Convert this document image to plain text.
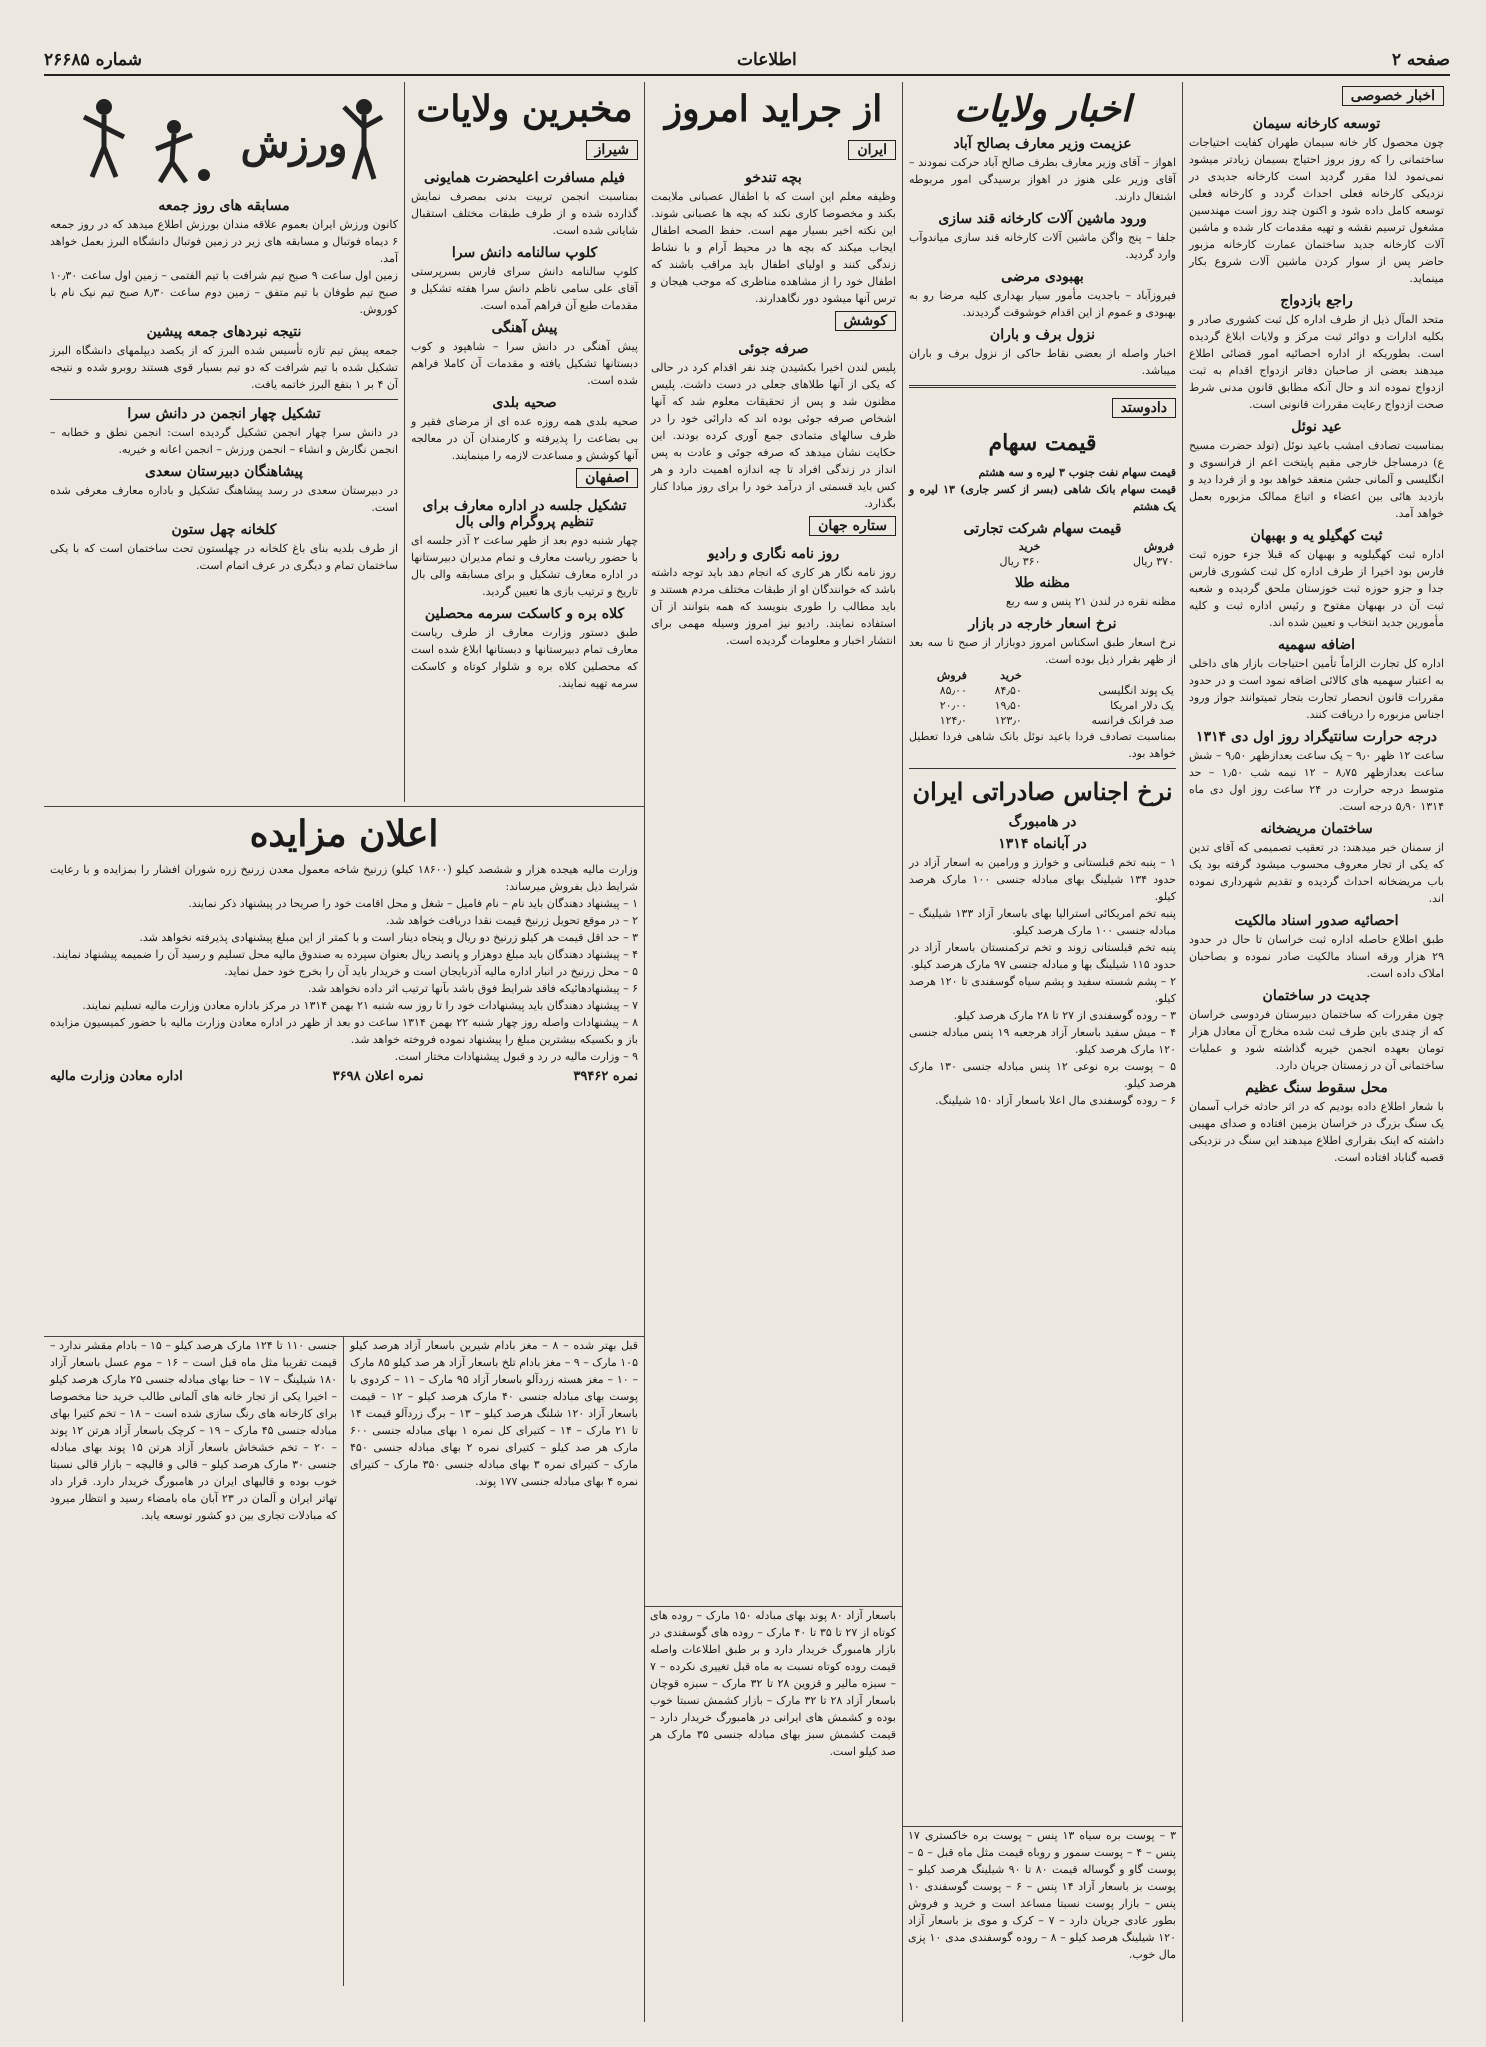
صفحه ۲
اطلاعات
شماره ۲۶۶۸۵
اخبار خصوصی
توسعه کارخانه سیمان

چون محصول کار خانه سیمان طهران کفایت احتیاجات ساختمانی را که روز بروز احتیاج بسیمان زیادتر میشود نمی‌نمود لذا مقرر گردید است کارخانه جدیدی در نزدیکی کارخانه فعلی احداث گردد و کارخانه فعلی توسعه کامل داده شود و اکنون چند روز است مهندسین مشغول ترسیم نقشه و تهیه مقدمات کار شده و ماشین آلات کارخانه جدید ساختمان عمارت کارخانه مزبور حاضر پس از سوار کردن ماشین آلات شروع بکار مینماید.

راجع بازدواج

متحد المآل ذیل از طرف اداره کل ثبت کشوری صادر و بکلیه ادارات و دوائر ثبت مرکز و ولایات ابلاغ گردیده است. بطوریکه از اداره احصائیه امور قضائی اطلاع میدهند بعضی از صاحبان دفاتر ازدواج اقدام به ثبت ازدواج نموده اند و حال آنکه مطابق قانون مدنی شرط صحت ازدواج رعایت مقررات قانونی است.

عید نوئل

بمناسبت تصادف امشب باعید نوئل (تولد حضرت مسیح ع) درمساجل خارجی مقیم پایتخت اعم از فرانسوی و انگلیسی و آلمانی جشن منعقد خواهد بود و از فردا دید و بازدید هائی بین اعضاء و اتباع ممالک مزبوره بعمل خواهد آمد.

ثبت کهگیلو یه و بهبهان

اداره ثبت کهگیلویه و بهبهان که قبلا جزء حوزه ثبت فارس بود اخیرا از طرف اداره کل ثبت کشوری فارس جدا و جزو حوزه ثبت خوزستان ملحق گردیده و شعبه ثبت آن در بهبهان مفتوح و رئیس اداره ثبت و کلیه مأمورین جدید انتخاب و تعیین شده اند.

اضافه سهمیه

اداره کل تجارت الزاماً تأمین احتیاجات بازار های داخلی به اعتبار سهمیه های کالائی اضافه نمود است و در حدود مقررات قانون انحصار تجارت بتجار تمیتوانند جواز ورود اجناس مزبوره را دریافت کنند.

درجه حرارت سانتیگراد روز اول دی ۱۳۱۴

ساعت ۱۲ ظهر ۹٫۰ – یک ساعت بعدازظهر ۹٫۵۰ – شش ساعت بعدازظهر ۸٫۷۵ – ۱۲ نیمه شب ۱٫۵۰ – حد متوسط درجه حرارت در ۲۴ ساعت روز اول دی ماه ۱۳۱۴ ۵٫۹۰ درجه است.

ساختمان مریضخانه

از سمنان خبر میدهند: در تعقیب تصمیمی که آقای تدین که یکی از تجار معروف محسوب میشود گرفته بود یک باب مریضخانه احداث گردیده و تقدیم شهرداری نموده اند.

احصائیه صدور اسناد مالکیت

طبق اطلاع حاصله اداره ثبت خراسان تا حال در حدود ۲۹ هزار ورقه اسناد مالکیت صادر نموده و بصاحبان املاک داده است.

جدیت در ساختمان

چون مقررات که ساختمان دبیرستان فردوسی خراسان که از چندی باین طرف ثبت شده مخارج آن معادل هزار تومان بعهده انجمن خیریه گذاشته شود و عملیات ساختمانی آن در زمستان جریان دارد.

محل سقوط سنگ عظیم

با شعار اطلاع داده بودیم که در اثر حادثه خراب آسمان یک سنگ بزرگ در خراسان بزمین افتاده و صدای مهیبی داشته که اینک بقراری اطلاع میدهند این سنگ در نزدیکی قصبه گناباد افتاده است.

اخبار ولایات
عزیمت وزیر معارف بصالح آباد

اهواز – آقای وزیر معارف بطرف صالح آباد حرکت نمودند – آقای وزیر علی هنوز در اهواز برسیدگی امور مربوطه اشتغال دارند.

ورود ماشین آلات کارخانه قند سازی

جلفا – پنج واگن ماشین آلات کارخانه قند سازی میاندوآب وارد گردید.

بهبودی مرضی

فیروزآباد – باجدیت مأمور سیار بهداری کلیه مرضا رو به بهبودی و عموم از این اقدام خوشوقت گردیدند.

نزول برف و باران

اخبار واصله از بعضی نقاط حاکی از نزول برف و باران میباشد.

دادوستد
قیمت سهام

قیمت سهام نفت جنوب ۳ لیره و سه هشتم

قیمت سهام بانک شاهی (بسر از کسر جاری) ۱۳ لیره و یک هشتم

قیمت سهام شرکت تجارتی
فروش	خرید
۳۷۰ ریال	۳۶۰ ریال
مظنه طلا

مظنه نقره در لندن ۲۱ پنس و سه ربع

نرخ اسعار خارجه در بازار

نرخ اسعار طبق اسکناس امروز دوبازار از صبح تا سه بعد از ظهر بقرار ذیل بوده است.

	خرید	فروش
یک پوند انگلیسی	۸۴٫۵۰	۸۵٫۰۰
یک دلار امریکا	۱۹٫۵۰	۲۰٫۰۰
صد فرانک فرانسه	۱۲۳٫۰	۱۲۴٫۰

بمناسبت تصادف فردا باعید نوئل بانک شاهی فردا تعطیل خواهد بود.

نرخ اجناس صادراتی ایران
در هامبورگ
در آبانماه ۱۳۱۴

۱ – پنبه تخم قبلستانی و خوارز و ورامین به اسعار آزاد در حدود ۱۳۴ شیلینگ بهای مبادله جنسی ۱۰۰ مارک هرصد کیلو.

پنبه تخم امریکائی استرالیا بهای باسعار آزاد ۱۳۳ شیلینگ – مبادله جنسی ۱۰۰ مارک هرصد کیلو.

پنبه تخم قبلستانی زوند و تخم ترکمنستان باسعار آزاد در حدود ۱۱۵ شیلینگ بها و مبادله جنسی ۹۷ مارک هرصد کیلو.

۲ – پشم شسته سفید و پشم سیاه گوسفندی تا ۱۲۰ هرصد کیلو.

۳ – روده گوسفندی از ۲۷ تا ۲۸ مارک هرصد کیلو.

۴ – میش سفید باسعار آزاد هرجعبه ۱۹ پنس مبادله جنسی ۱۲۰ مارک هرصد کیلو.

۵ – پوست بره نوعی ۱۲ پنس مبادله جنسی ۱۳۰ مارک هرصد کیلو.

۶ – روده گوسفندی مال اعلا باسعار آزاد ۱۵۰ شیلینگ.

از جراید امروز
ایران
بچه تندخو

وظیفه معلم این است که با اطفال عصبانی ملایمت بکند و مخصوصا کاری نکند که بچه ها عصبانی شوند. این نکته اخیر بسیار مهم است. حفظ الصحه اطفال ایجاب میکند که بچه ها در محیط آرام و با نشاط زندگی کنند و اولیای اطفال باید مراقب باشند که اطفال خود را از مشاهده مناظری که موجب هیجان و ترس آنها میشود دور نگاهدارند.

کوشش
صرفه جوئی

پلیس لندن اخیرا بکشیدن چند نفر اقدام کرد در حالی که یکی از آنها طلاهای جعلی در دست داشت. پلیس مظنون شد و پس از تحقیقات معلوم شد که آنها اشخاص صرفه جوئی بوده اند که دارائی خود را در ظرف سالهای متمادی جمع آوری کرده بودند. این حکایت نشان میدهد که صرفه جوئی و عادت به پس انداز در زندگی افراد تا چه اندازه اهمیت دارد و هر کس باید قسمتی از درآمد خود را برای روز مبادا کنار بگذارد.

ستاره جهان
روز نامه نگاری و رادیو

روز نامه نگار هر کاری که انجام دهد باید توجه داشته باشد که خوانندگان او از طبقات مختلف مردم هستند و باید مطالب را طوری بنویسد که همه بتوانند از آن استفاده نمایند. رادیو نیز امروز وسیله مهمی برای انتشار اخبار و معلومات گردیده است.

مخبرین ولایات
شیراز
فیلم مسافرت اعلیحضرت همایونی

بمناسبت انجمن تربیت بدنی بمصرف نمایش گذارده شده و از طرف طبقات مختلف استقبال شایانی شده است.

کلوپ سالنامه دانش سرا

کلوپ سالنامه دانش سرای فارس بسرپرستی آقای علی سامی ناظم دانش سرا هفته تشکیل و مقدمات طبع آن فراهم آمده است.

پیش آهنگی

پیش آهنگی در دانش سرا – شاهپود و کوب دبستانها تشکیل یافته و مقدمات آن کاملا فراهم شده است.

صحیه بلدی

صحیه بلدی همه روزه عده ای از مرضای فقیر و بی بضاعت را پذیرفته و کارمندان آن در معالجه آنها کوشش و مساعدت لازمه را مینمایند.

اصفهان
تشکیل جلسه در اداره معارف برای تنظیم پروگرام والی بال

چهار شنبه دوم بعد از ظهر ساعت ۲ آذر جلسه ای با حضور ریاست معارف و تمام مدیران دبیرستانها در اداره معارف تشکیل و برای مسابقه والی بال تاریخ و ترتیب بازی ها تعیین گردید.

کلاه بره و کاسکت سرمه محصلین

طبق دستور وزارت معارف از طرف ریاست معارف تمام دبیرستانها و دبستانها ابلاغ شده است که محصلین کلاه بره و شلوار کوتاه و کاسکت سرمه تهیه نمایند.

ورزش
مسابقه های روز جمعه

کانون ورزش ایران بعموم علاقه مندان بورزش اطلاع میدهد که در روز جمعه ۶ دیماه فوتبال و مسابقه های زیر در زمین فوتبال دانشگاه البرز بعمل خواهد آمد.

زمین اول ساعت ۹ صبح تیم شرافت با تیم الفتمی – زمین اول ساعت ۱۰٫۳۰ صبح تیم طوفان با تیم متفق – زمین دوم ساعت ۸٫۳۰ صبح تیم نیک نام با کوروش.

نتیجه نبردهای جمعه پیشین

جمعه پیش تیم تازه تأسیس شده البرز که از یکصد دیپلمهای دانشگاه البرز تشکیل شده با تیم شرافت که دو تیم بسیار قوی هستند روبرو شده و نتیجه آن ۴ بر ۱ بنفع البرز خاتمه یافت.

تشکیل چهار انجمن در دانش سرا

در دانش سرا چهار انجمن تشکیل گردیده است: انجمن نطق و خطابه – انجمن نگارش و انشاء – انجمن ورزش – انجمن اعانه و خیریه.

پیشاهنگان دبیرستان سعدی

در دبیرستان سعدی در رسد پیشاهنگ تشکیل و باداره معارف معرفی شده است.

کلخانه چهل ستون

از طرف بلدیه بنای باغ کلخانه در چهلستون تحت ساختمان است که با یکی ساختمان تمام و دیگری در عرف اتمام است.

اعلان مزایده

وزارت مالیه هیجده هزار و ششصد کیلو (۱۸۶۰۰ کیلو) زرنیخ شاخه معمول معدن زرنیخ زره شوران افشار را بمزایده و با رعایت شرایط ذیل بفروش میرساند:

۱ – پیشنهاد دهندگان باید نام – نام فامیل – شغل و محل اقامت خود را صریحا در پیشنهاد ذکر نمایند.

۲ – در موقع تحویل زرنیخ قیمت نقدا دریافت خواهد شد.

۳ – حد اقل قیمت هر کیلو زرنیخ دو ریال و پنجاه دینار است و با کمتر از این مبلغ پیشنهادی پذیرفته نخواهد شد.

۴ – پیشنهاد دهندگان باید مبلغ دوهزار و پانصد ریال بعنوان سپرده به صندوق مالیه محل تسلیم و رسید آن را ضمیمه پیشنهاد نمایند.

۵ – محل زرنیخ در انبار اداره مالیه آذربایجان است و خریدار باید آن را بخرج خود حمل نماید.

۶ – پیشنهادهائیکه فاقد شرایط فوق باشد بآنها ترتیب اثر داده نخواهد شد.

۷ – پیشنهاد دهندگان باید پیشنهادات خود را تا روز سه شنبه ۲۱ بهمن ۱۳۱۴ در مرکز باداره معادن وزارت مالیه تسلیم نمایند.

۸ – پیشنهادات واصله روز چهار شنبه ۲۲ بهمن ۱۳۱۴ ساعت دو بعد از ظهر در اداره معادن وزارت مالیه با حضور کمیسیون مزایده باز و بکسیکه بیشترین مبلغ را پیشنهاد نموده فروخته خواهد شد.

۹ – وزارت مالیه در رد و قبول پیشنهادات مختار است.

نمره ۳۹۴۶۲
نمره اعلان ۳۶۹۸
اداره معادن وزارت مالیه

قبل بهتر شده – ۸ – مغز بادام شیرین باسعار آزاد هرصد کیلو ۱۰۵ مارک – ۹ – مغز بادام تلخ باسعار آزاد هر صد کیلو ۸۵ مارک – ۱۰ – مغز هسته زردآلو باسعار آزاد ۹۵ مارک – ۱۱ – کردوی با پوست بهای مبادله جنسی ۴۰ مارک هرصد کیلو – ۱۲ – قیمت باسعار آزاد ۱۲۰ شلنگ هرصد کیلو – ۱۳ – برگ زردآلو قیمت ۱۴ تا ۲۱ مارک – ۱۴ – کتیرای کل نمره ۱ بهای مبادله جنسی ۶۰۰ مارک هر صد کیلو – کتیرای نمره ۲ بهای مبادله جنسی ۴۵۰ مارک – کتیرای نمره ۳ بهای مبادله جنسی ۳۵۰ مارک – کتیرای نمره ۴ بهای مبادله جنسی ۱۷۷ پوند.

جنسی ۱۱۰ تا ۱۲۴ مارک هرصد کیلو – ۱۵ – بادام مقشر ندارد – قیمت تقریبا مثل ماه قبل است – ۱۶ – موم عسل باسعار آزاد ۱۸۰ شیلینگ – ۱۷ – حنا بهای مبادله جنسی ۲۵ مارک هرصد کیلو – اخیرا یکی از تجار خانه های آلمانی طالب خرید حنا مخصوصا برای کارخانه های رنگ سازی شده است – ۱۸ – تخم کتیرا بهای مبادله جنسی ۴۵ مارک – ۱۹ – کرچک باسعار آزاد هرتن ۱۲ پوند – ۲۰ – تخم خشخاش باسعار آزاد هرتن ۱۵ پوند بهای مبادله جنسی ۳۰ مارک هرصد کیلو – قالی و قالیچه – بازار قالی نسبتا خوب بوده و قالیهای ایران در هامبورگ خریدار دارد. قرار داد تهاتر ایران و آلمان در ۲۳ آبان ماه بامضاء رسید و انتظار میرود که مبادلات تجاری بین دو کشور توسعه یابد.

باسعار آزاد ۸۰ پوند بهای مبادله ۱۵۰ مارک – روده های کوتاه از ۲۷ تا ۳۵ تا ۴۰ مارک – روده های گوسفندی در بازار هامبورگ خریدار دارد و بر طبق اطلاعات واصله قیمت روده کوتاه نسبت به ماه قبل تغییری نکرده – ۷ – سبزه مالیر و قزوین ۲۸ تا ۳۲ مارک – سبزه قوچان باسعار آزاد ۲۸ تا ۳۲ مارک – بازار کشمش نسبتا خوب بوده و کشمش های ایرانی در هامبورگ خریدار دارد – قیمت کشمش سبز بهای مبادله جنسی ۳۵ مارک هر صد کیلو است.

۳ – پوست بره سیاه ۱۳ پنس – پوست بره خاکستری ۱۷ پنس – ۴ – پوست سمور و روباه قیمت مثل ماه قبل – ۵ – پوست گاو و گوساله قیمت ۸۰ تا ۹۰ شیلینگ هرصد کیلو – پوست بز باسعار آزاد ۱۴ پنس – ۶ – پوست گوسفندی ۱۰ پنس – بازار پوست نسبتا مساعد است و خرید و فروش بطور عادی جریان دارد – ۷ – کرک و موی بز باسعار آزاد ۱۲۰ شیلینگ هرصد کیلو – ۸ – روده گوسفندی مدی ۱۰ پزی مال خوب.
